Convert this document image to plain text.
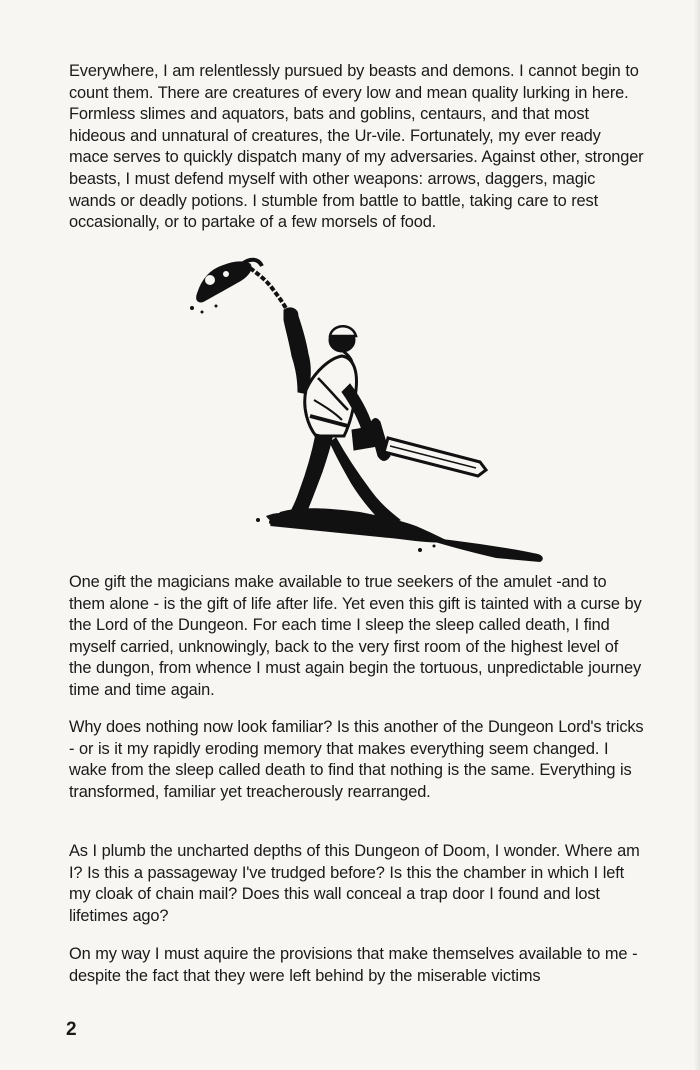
Everywhere, I am relentlessly pursued by beasts and demons. I cannot begin to count them. There are creatures of every low and mean quality lurking in here. Formless slimes and aquators, bats and goblins, centaurs, and that most hideous and unnatural of creatures, the Ur-vile. Fortunately, my ever ready mace serves to quickly dispatch many of my adversaries. Against other, stronger beasts, I must defend myself with other weapons: arrows, daggers, magic wands or deadly potions. I stumble from battle to battle, taking care to rest occasionally, or to partake of a few morsels of food.

One gift the magicians make available to true seekers of the amulet -and to them alone - is the gift of life after life. Yet even this gift is tainted with a curse by the Lord of the Dungeon. For each time I sleep the sleep called death, I find myself carried, unknowingly, back to the very first room of the highest level of the dungon, from whence I must again begin the tortuous, unpredictable journey time and time again.

Why does nothing now look familiar? Is this another of the Dungeon Lord's tricks - or is it my rapidly eroding memory that makes everything seem changed. I wake from the sleep called death to find that nothing is the same. Everything is transformed, familiar yet treacherously rearranged.

As I plumb the uncharted depths of this Dungeon of Doom, I wonder. Where am I? Is this a passageway I've trudged before? Is this the chamber in which I left my cloak of chain mail? Does this wall conceal a trap door I found and lost lifetimes ago?

On my way I must aquire the provisions that make themselves available to me - despite the fact that they were left behind by the miserable victims

2
